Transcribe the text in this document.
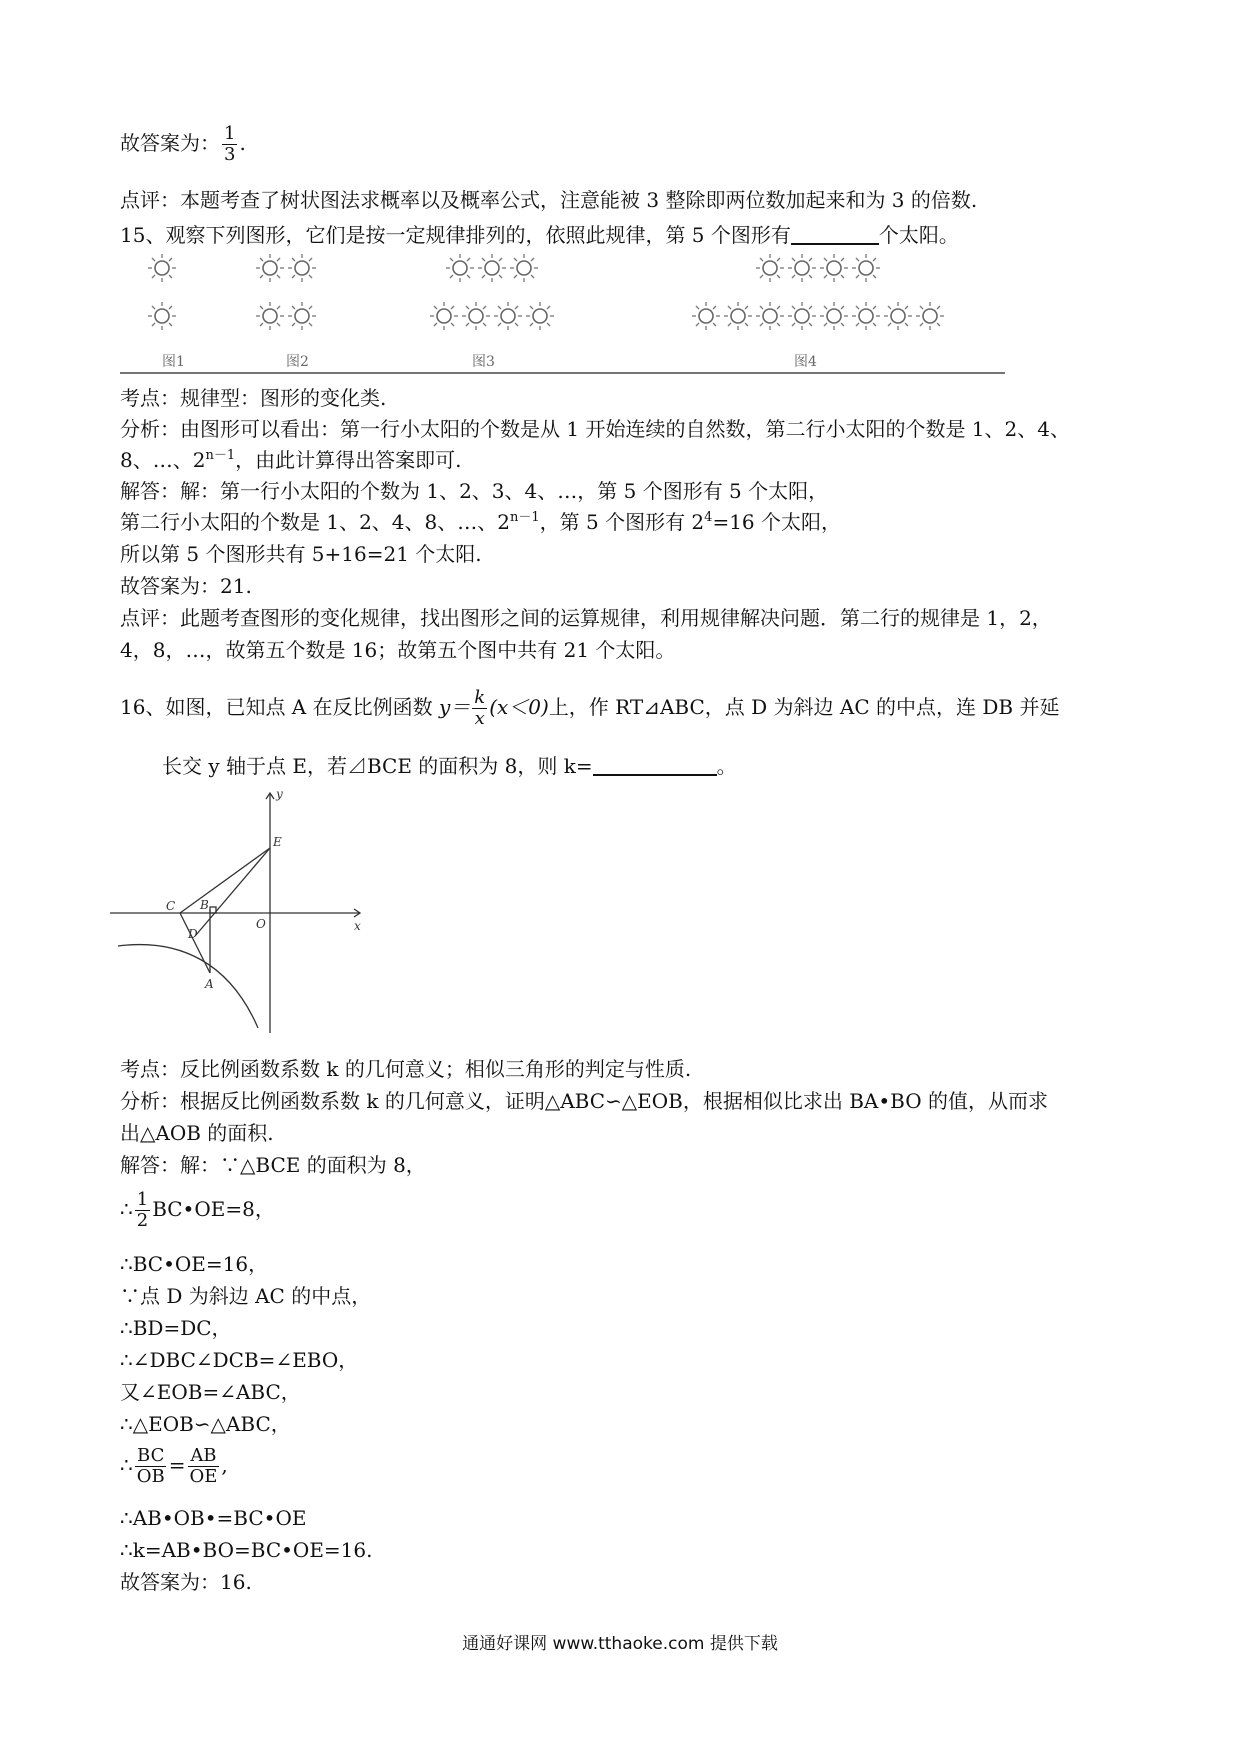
故答案为： $\frac{1}{3}$ .
点评：本题考查了树状图法求概率以及概率公式，注意能被 3 整除即两位数加起来和为 3 的倍数.
15、观察下列图形，它们是按一定规律排列的，依照此规律，第 5 个图形有	个太阳。
图1	图2	图3	图4
考点：规律型：图形的变化类.
分析：由图形可以看出：第一行小太阳的个数是从 1 开始连续的自然数，第二行小太阳的个数是 1、2、4、
8、…、$2^{n-1}$，由此计算得出答案即可.
解答：解：第一行小太阳的个数为 1、2、3、4、…，第 5 个图形有 5 个太阳，
第二行小太阳的个数是 1、2、4、8、…、$2^{n-1}$，第 5 个图形有 $2^4=16$ 个太阳，
所以第 5 个图形共有 5+16=21 个太阳.
故答案为：21.
点评：此题考查图形的变化规律，找出图形之间的运算规律，利用规律解决问题．第二行的规律是 1，2，
4，8，…，故第五个数是 16；故第五个图中共有 21 个太阳。
16、如图，已知点 A 在反比例函数 $y= \frac{k}{x} (x<0)$上，作 RT⊿ABC，点 D 为斜边 AC 的中点，连 DB 并延
长交 y 轴于点 E，若⊿BCE 的面积为 8，则 k=	。
y
x
E
C B
O
D
A
考点：反比例函数系数 k 的几何意义；相似三角形的判定与性质.
分析：根据反比例函数系数 k 的几何意义，证明△ABC∽△EOB，根据相似比求出 BA•BO 的值，从而求
出△AOB 的面积.
解答：解：∵△BCE 的面积为 8，
∴ $\frac{1}{2}$ BC•OE=8，
∴BC•OE=16，
∵点 D 为斜边 AC 的中点，
∴BD=DC，
∴∠DBC∠DCB=∠EBO，
又∠EOB=∠ABC，
∴△EOB∽△ABC，
∴ $\frac{BC}{OB} = \frac{AB}{OE}$ ,
∴AB•OB•=BC•OE
∴k=AB•BO=BC•OE=16.
故答案为：16.
通通好课网 www.tthaoke.com 提供下载
